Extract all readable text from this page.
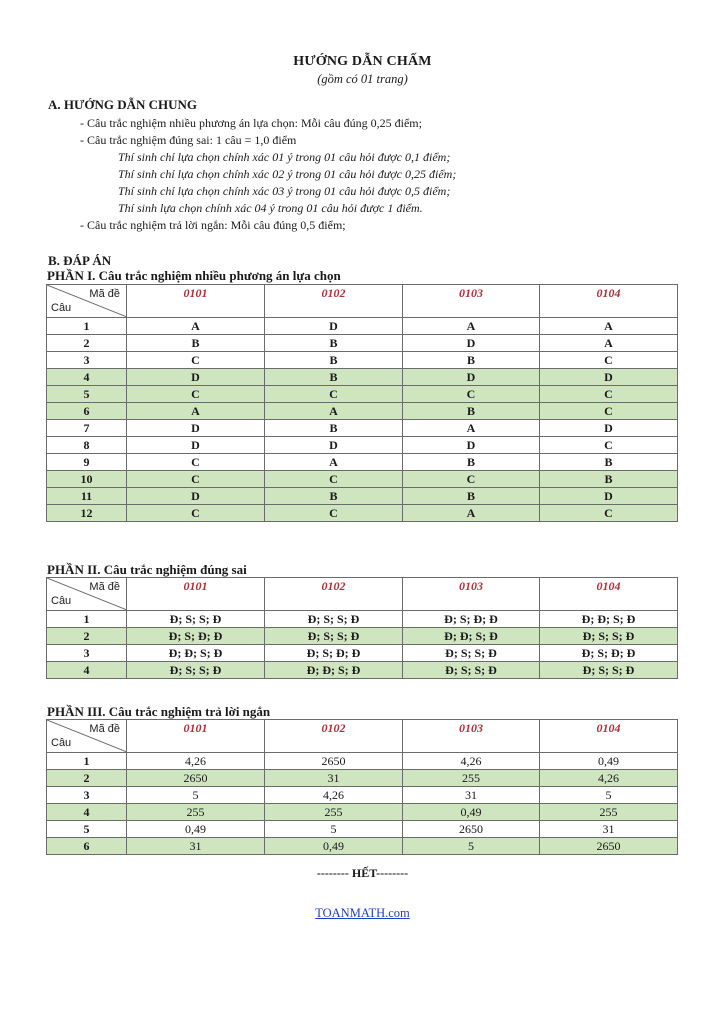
HƯỚNG DẪN CHẤM
(gồm có 01 trang)
A. HƯỚNG DẪN CHUNG
- Câu trắc nghiệm nhiều phương án lựa chọn: Mỗi câu đúng 0,25 điểm;
- Câu trắc nghiệm đúng sai: 1 câu = 1,0 điểm
Thí sinh chỉ lựa chọn chính xác 01 ý trong 01 câu hỏi được 0,1 điểm;
Thí sinh chỉ lựa chọn chính xác 02 ý trong 01 câu hỏi được 0,25 điểm;
Thí sinh chỉ lựa chọn chính xác 03 ý trong 01 câu hỏi được 0,5 điểm;
Thí sinh lựa chọn chính xác 04 ý trong 01 câu hỏi được 1 điểm.
- Câu trắc nghiệm trả lời ngắn: Mỗi câu đúng 0,5 điểm;
B. ĐÁP ÁN
PHẦN I. Câu trắc nghiệm nhiều phương án lựa chọn
Mã đề
Câu	0101	0102	0103	0104
1	A	D	A	A
2	B	B	D	A
3	C	B	B	C
4	D	B	D	D
5	C	C	C	C
6	A	A	B	C
7	D	B	A	D
8	D	D	D	C
9	C	A	B	B
10	C	C	C	B
11	D	B	B	D
12	C	C	A	C
PHẦN II. Câu trắc nghiệm đúng sai
Mã đề
Câu	0101	0102	0103	0104
1	Đ; S; S; Đ	Đ; S; S; Đ	Đ; S; Đ; Đ	Đ; Đ; S; Đ
2	Đ; S; Đ; Đ	Đ; S; S; Đ	Đ; Đ; S; Đ	Đ; S; S; Đ
3	Đ; Đ; S; Đ	Đ; S; Đ; Đ	Đ; S; S; Đ	Đ; S; Đ; Đ
4	Đ; S; S; Đ	Đ; Đ; S; Đ	Đ; S; S; Đ	Đ; S; S; Đ
PHẦN III. Câu trắc nghiệm trả lời ngắn
Mã đề
Câu	0101	0102	0103	0104
1	4,26	2650	4,26	0,49
2	2650	31	255	4,26
3	5	4,26	31	5
4	255	255	0,49	255
5	0,49	5	2650	31
6	31	0,49	5	2650
-------- HẾT--------
TOANMATH.com
